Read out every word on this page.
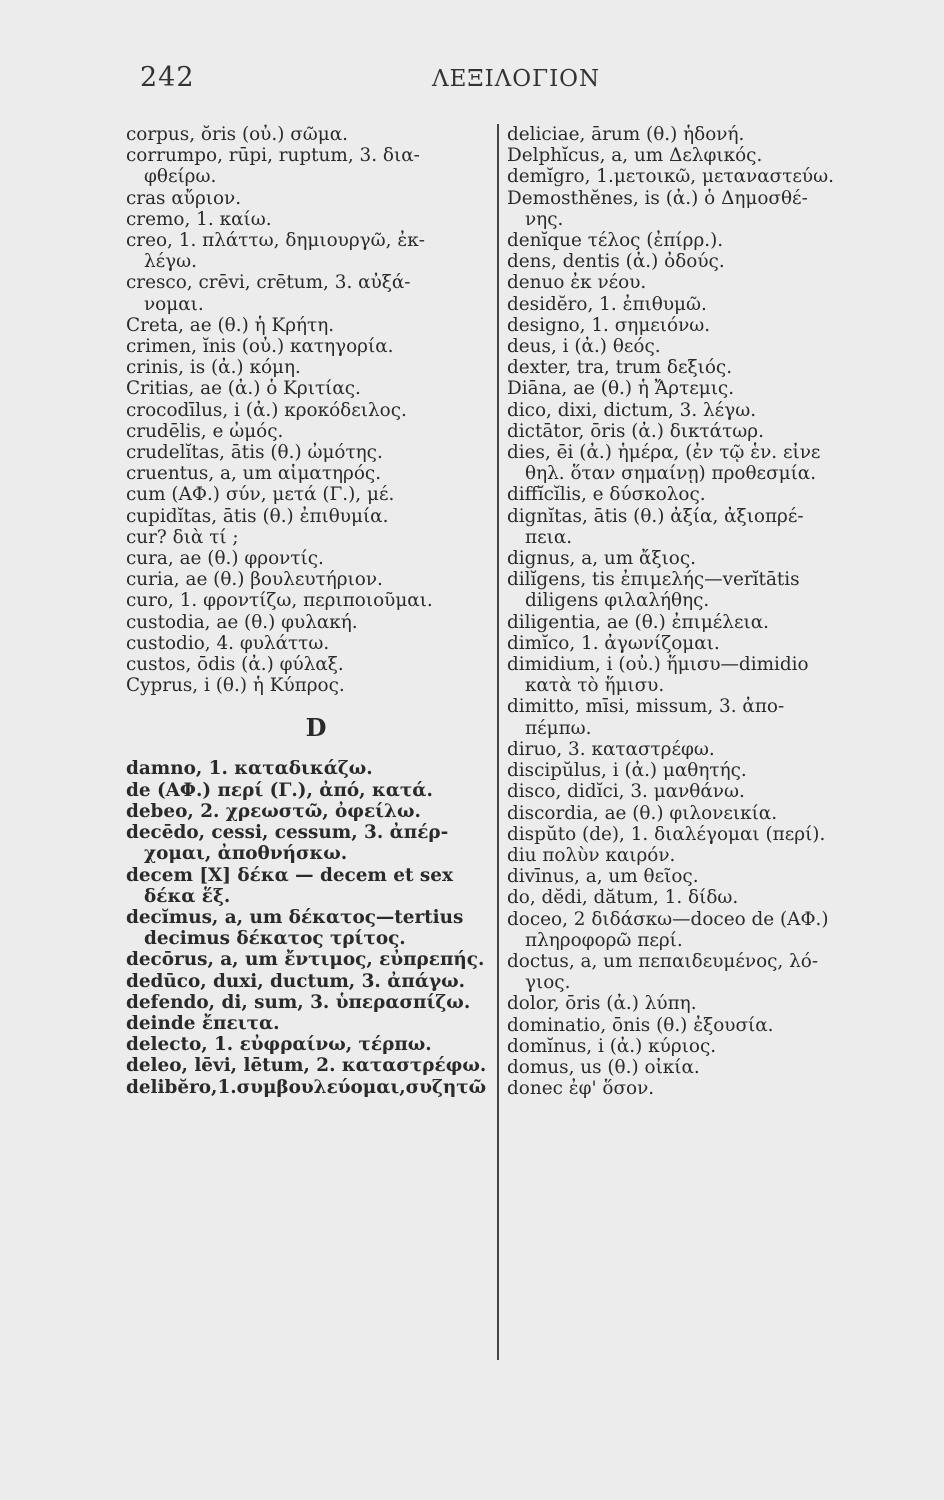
242	ΛΕΞΙΛΟΓΙΟΝ
corpus, ŏris (οὐ.) σῶμα.
corrumpo, rūpi, ruptum, 3. δια-
φθείρω.
cras αὔριον.
cremo, 1. καίω.
creo, 1. πλάττω, δημιουργῶ, ἐκ-
λέγω.
cresco, crēvi, crētum, 3. αὐξά-
νομαι.
Creta, ae (θ.) ἡ Κρήτη.
crimen, ĭnis (οὐ.) κατηγορία.
crinis, is (ἀ.) κόμη.
Critias, ae (ἀ.) ὁ Κριτίας.
crocodīlus, i (ἀ.) κροκόδειλος.
crudēlis, e ὠμός.
crudelĭtas, ātis (θ.) ὠμότης.
cruentus, a, um αἱματηρός.
cum (ΑΦ.) σύν, μετά (Γ.), μέ.
cupidĭtas, ātis (θ.) ἐπιθυμία.
cur? διὰ τί ;
cura, ae (θ.) φροντίς.
curia, ae (θ.) βουλευτήριον.
curo, 1. φροντίζω, περιποιοῦμαι.
custodia, ae (θ.) φυλακή.
custodio, 4. φυλάττω.
custos, ōdis (ἀ.) φύλαξ.
Cyprus, i (θ.) ἡ Κύπρος.
D
damno, 1. καταδικάζω.
de (ΑΦ.) περί (Γ.), ἀπό, κατά.
debeo, 2. χρεωστῶ, ὀφείλω.
decēdo, cessi, cessum, 3. ἀπέρ-
χομαι, ἀποθνήσκω.
decem [X] δέκα — decem et sex
δέκα ἕξ.
decĭmus, a, um δέκατος—tertius
decimus δέκατος τρίτος.
decōrus, a, um ἔντιμος, εὐπρεπής.
dedūco, duxi, ductum, 3. ἀπάγω.
defendo, di, sum, 3. ὑπερασπίζω.
deinde ἔπειτα.
delecto, 1. εὐφραίνω, τέρπω.
deleo, lēvi, lētum, 2. καταστρέφω.
delibĕro,1.συμβουλεύομαι,συζητῶ
deliciae, ārum (θ.) ἡδονή.
Delphĭcus, a, um Δελφικός.
demĭgro, 1.μετοικῶ, μεταναστεύω.
Demosthĕnes, is (ἀ.) ὁ Δημοσθέ-
νης.
denĭque τέλος (ἐπίρρ.).
dens, dentis (ἀ.) ὀδούς.
denuo ἐκ νέου.
desidĕro, 1. ἐπιθυμῶ.
designo, 1. σημειόνω.
deus, i (ἀ.) θεός.
dexter, tra, trum δεξιός.
Diāna, ae (θ.) ἡ Ἄρτεμις.
dico, dixi, dictum, 3. λέγω.
dictātor, ōris (ἀ.) δικτάτωρ.
dies, ēi (ἀ.) ἡμέρα, (ἐν τῷ ἑν. εἶνε
θηλ. ὅταν σημαίνῃ) προθεσμία.
diffĭcĭlis, e δύσκολος.
dignĭtas, ātis (θ.) ἀξία, ἀξιοπρέ-
πεια.
dignus, a, um ἄξιος.
dilĭgens, tis ἐπιμελής—verĭtātis
diligens φιλαλήθης.
diligentia, ae (θ.) ἐπιμέλεια.
dimĭco, 1. ἀγωνίζομαι.
dimidium, i (οὐ.) ἥμισυ—dimidio
κατὰ τὸ ἥμισυ.
dimitto, mīsi, missum, 3. ἀπο-
πέμπω.
diruo, 3. καταστρέφω.
discipŭlus, i (ἀ.) μαθητής.
disco, didĭci, 3. μανθάνω.
discordia, ae (θ.) φιλονεικία.
dispŭto (de), 1. διαλέγομαι (περί).
diu πολὺν καιρόν.
divīnus, a, um θεῖος.
do, dĕdi, dătum, 1. δίδω.
doceo, 2 διδάσκω—doceo de (ΑΦ.)
πληροφορῶ περί.
doctus, a, um πεπαιδευμένος, λό-
γιος.
dolor, ōris (ἀ.) λύπη.
dominatio, ōnis (θ.) ἐξουσία.
domĭnus, i (ἀ.) κύριος.
domus, us (θ.) οἰκία.
donec ἐφ' ὅσον.
